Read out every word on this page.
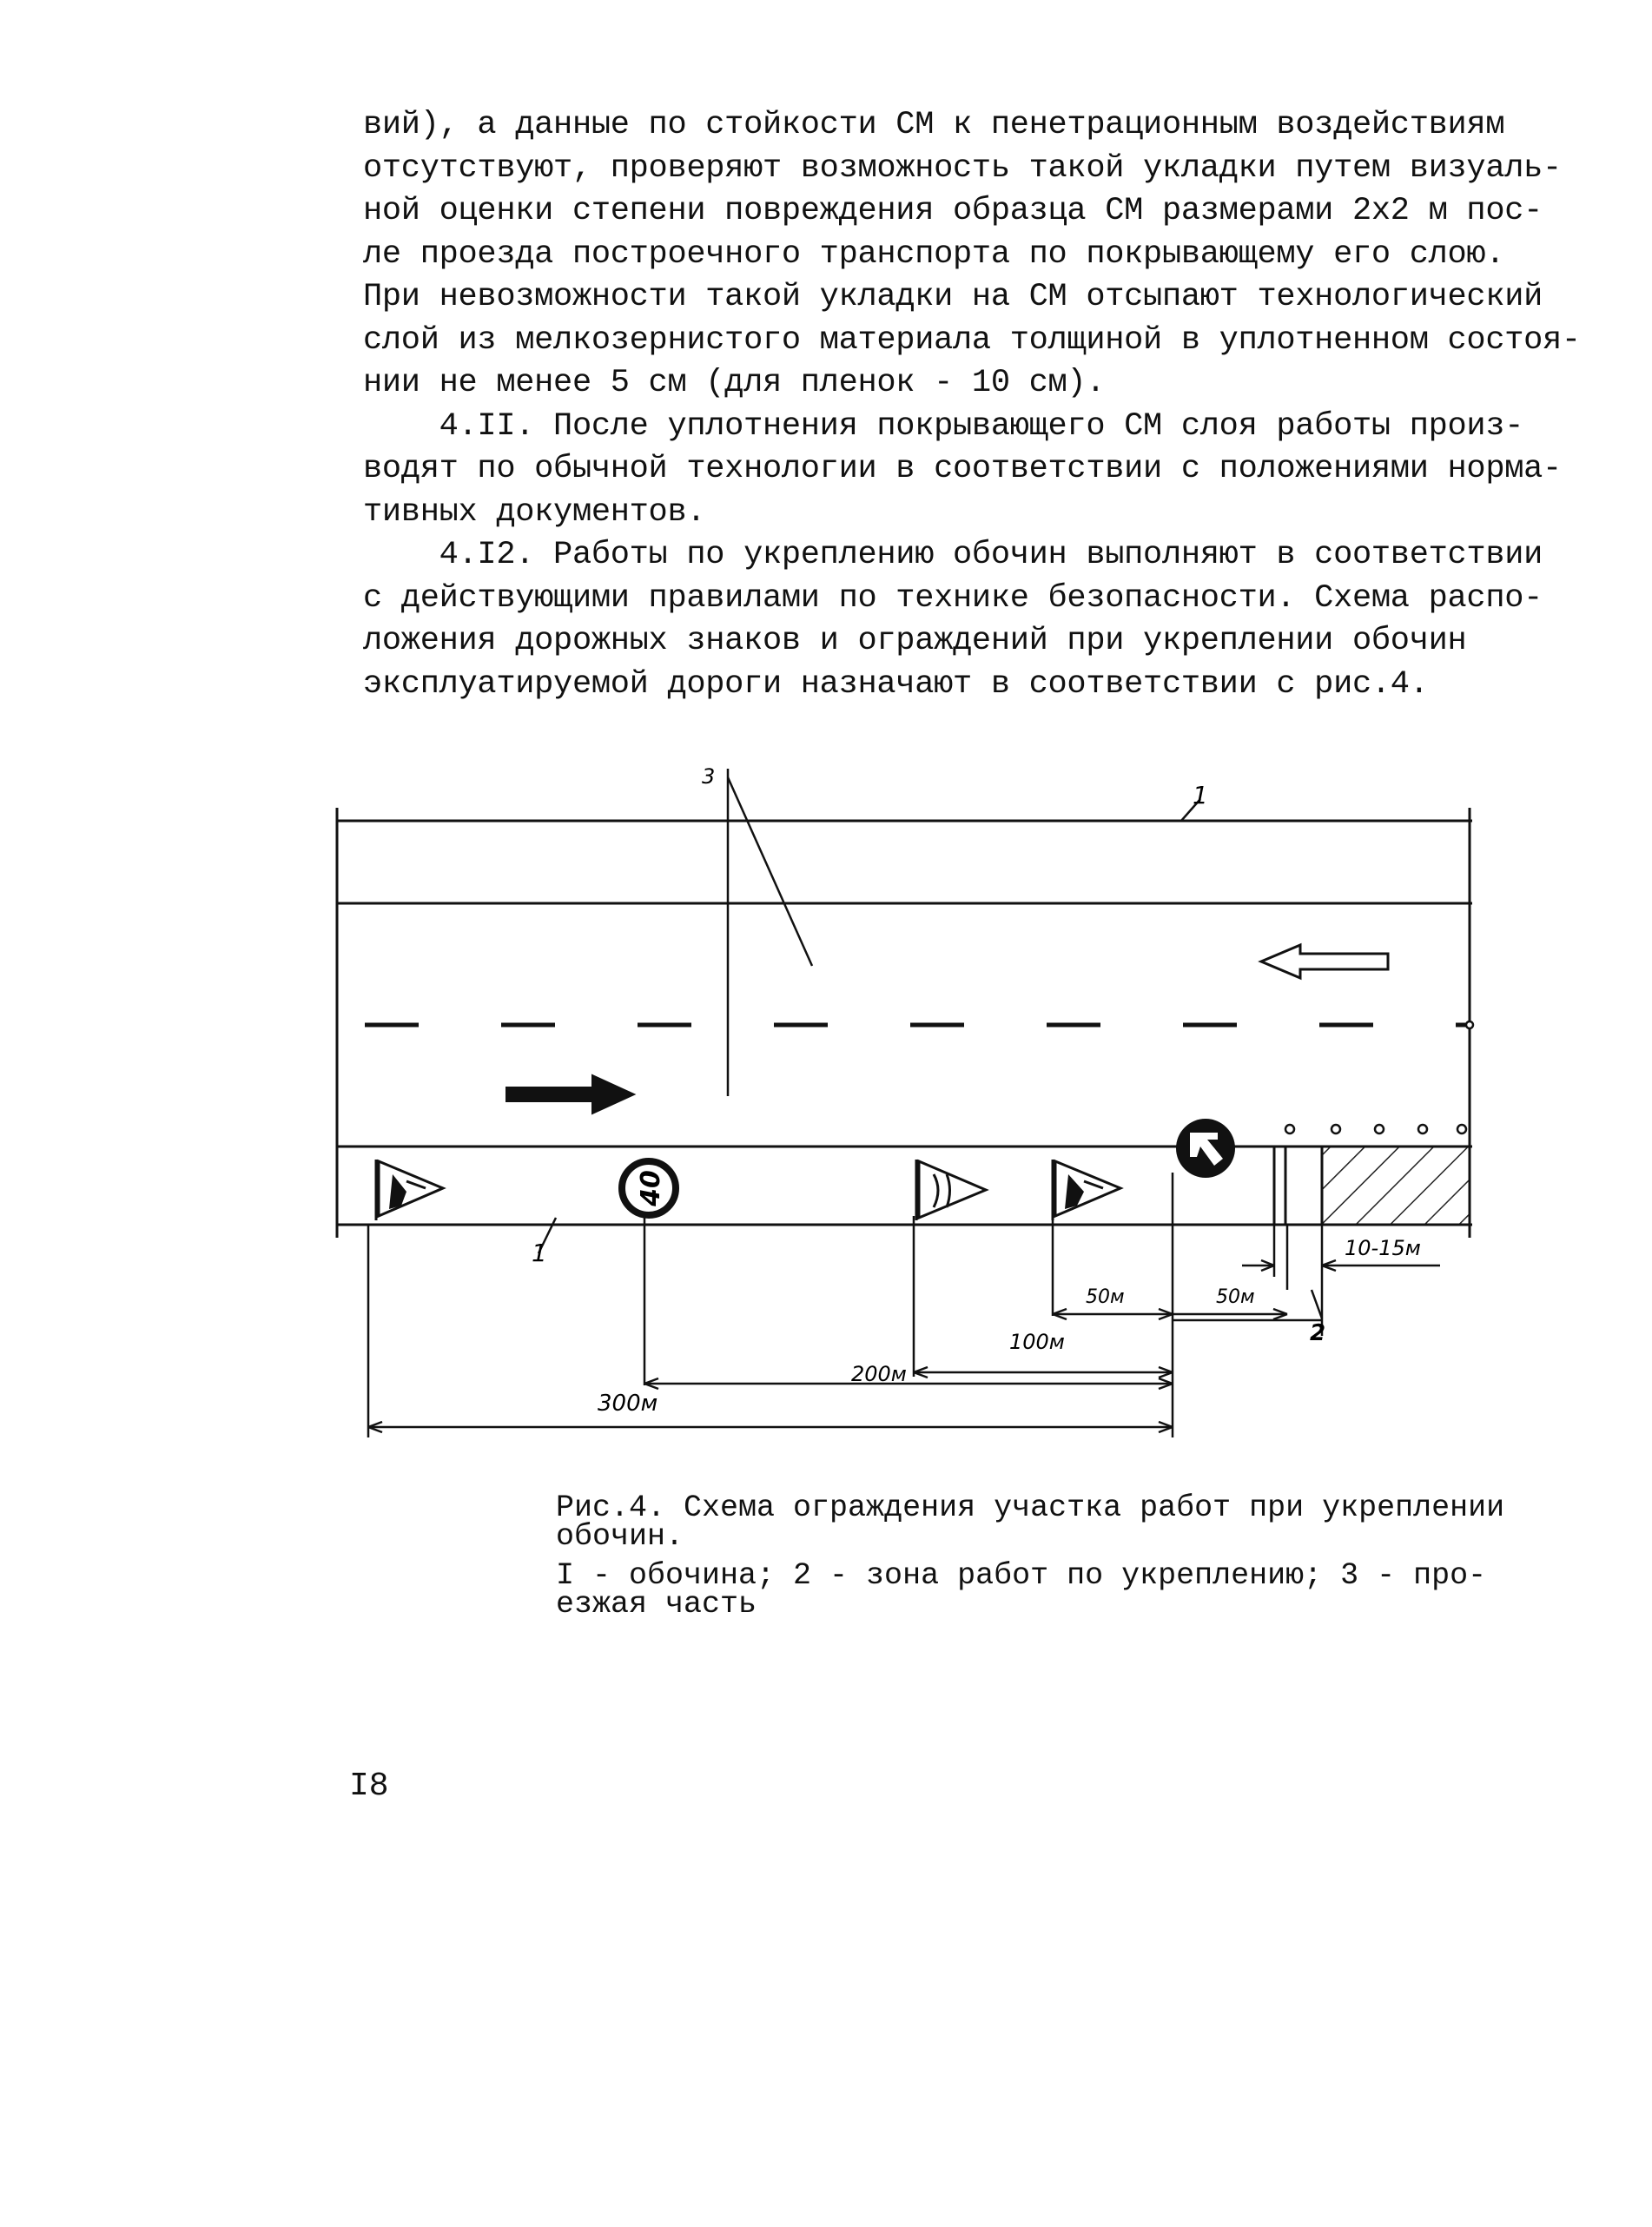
вий), а данные по стойкости СМ к пенетрационным воздействиям
отсутствуют, проверяют возможность такой укладки путем визуаль-
ной оценки степени повреждения образца СМ размерами 2х2 м пос-
ле проезда построечного транспорта по покрывающему его слою.
При невозможности такой укладки на СМ отсыпают технологический
слой из мелкозернистого материала толщиной в уплотненном состоя-
нии не менее 5 см (для пленок - 10 см).
4.II. После уплотнения покрывающего СМ слоя работы произ-
водят по обычной технологии в соответствии с положениями норма-
тивных документов.
4.I2. Работы по укреплению обочин выполняют в соответствии
с действующими правилами по технике безопасности. Схема распо-
ложения дорожных знаков и ограждений при укреплении обочин
эксплуатируемой дороги назначают в соответствии с рис.4.
3
1
40
1	10-15м
50м	50м
100м
200м
300м
2
Рис.4. Схема ограждения участка работ при укреплении
обочин.
I - обочина; 2 - зона работ по укреплению; 3 - про-
езжая часть
I8
